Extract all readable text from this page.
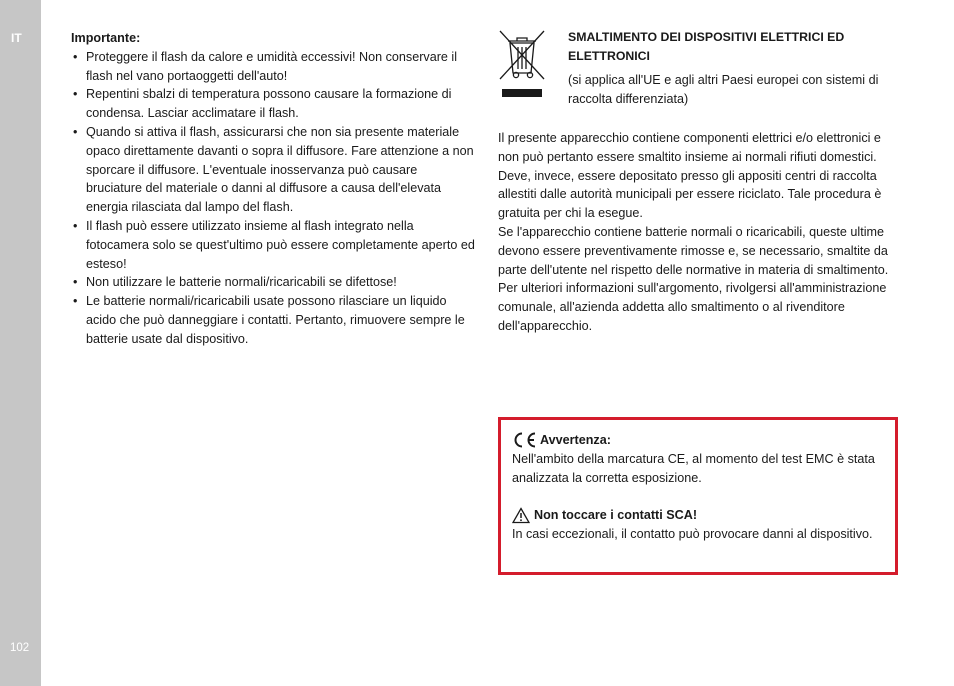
IT
102
Importante:
• Proteggere il flash da calore e umidità eccessivi! Non conservare il flash nel vano portaoggetti dell'auto!
• Repentini sbalzi di temperatura possono causare la formazione di condensa. Lasciar acclimatare il flash.
• Quando si attiva il flash, assicurarsi che non sia presente materiale opaco direttamente davanti o sopra il diffusore. Fare attenzione a non sporcare il diffusore. L'eventuale inosservanza può causare bruciature del materiale o danni al diffusore a causa dell'elevata energia rilasciata dal lampo del flash.
• Il flash può essere utilizzato insieme al flash integrato nella fotocamera solo se quest'ultimo può essere completamente aperto ed esteso!
• Non utilizzare le batterie normali/ricaricabili se difettose!
• Le batterie normali/ricaricabili usate possono rilasciare un liquido acido che può danneggiare i contatti. Pertanto, rimuovere sempre le batterie usate dal dispositivo.
SMALTIMENTO DEI DISPOSITIVI ELETTRICI ED ELETTRONICI
(si applica all'UE e agli altri Paesi europei con sistemi di raccolta differenziata)

Il presente apparecchio contiene componenti elettrici e/o elettronici e non può pertanto essere smaltito insieme ai normali rifiuti domestici.

Deve, invece, essere depositato presso gli appositi centri di raccolta allestiti dalle autorità municipali per essere riciclato. Tale procedura è gratuita per chi la esegue.

Se l'apparecchio contiene batterie normali o ricaricabili, queste ultime devono essere preventivamente rimosse e, se necessario, smaltite da parte dell'utente nel rispetto delle normative in materia di smaltimento. Per ulteriori informazioni sull'argomento, rivolgersi all'amministrazione comunale, all'azienda addetta allo smaltimento o al rivenditore dell'apparecchio.

Avvertenza:

Nell'ambito della marcatura CE, al momento del test EMC è stata analizzata la corretta esposizione.

Non toccare i contatti SCA!

In casi eccezionali, il contatto può provocare danni al dispositivo.
